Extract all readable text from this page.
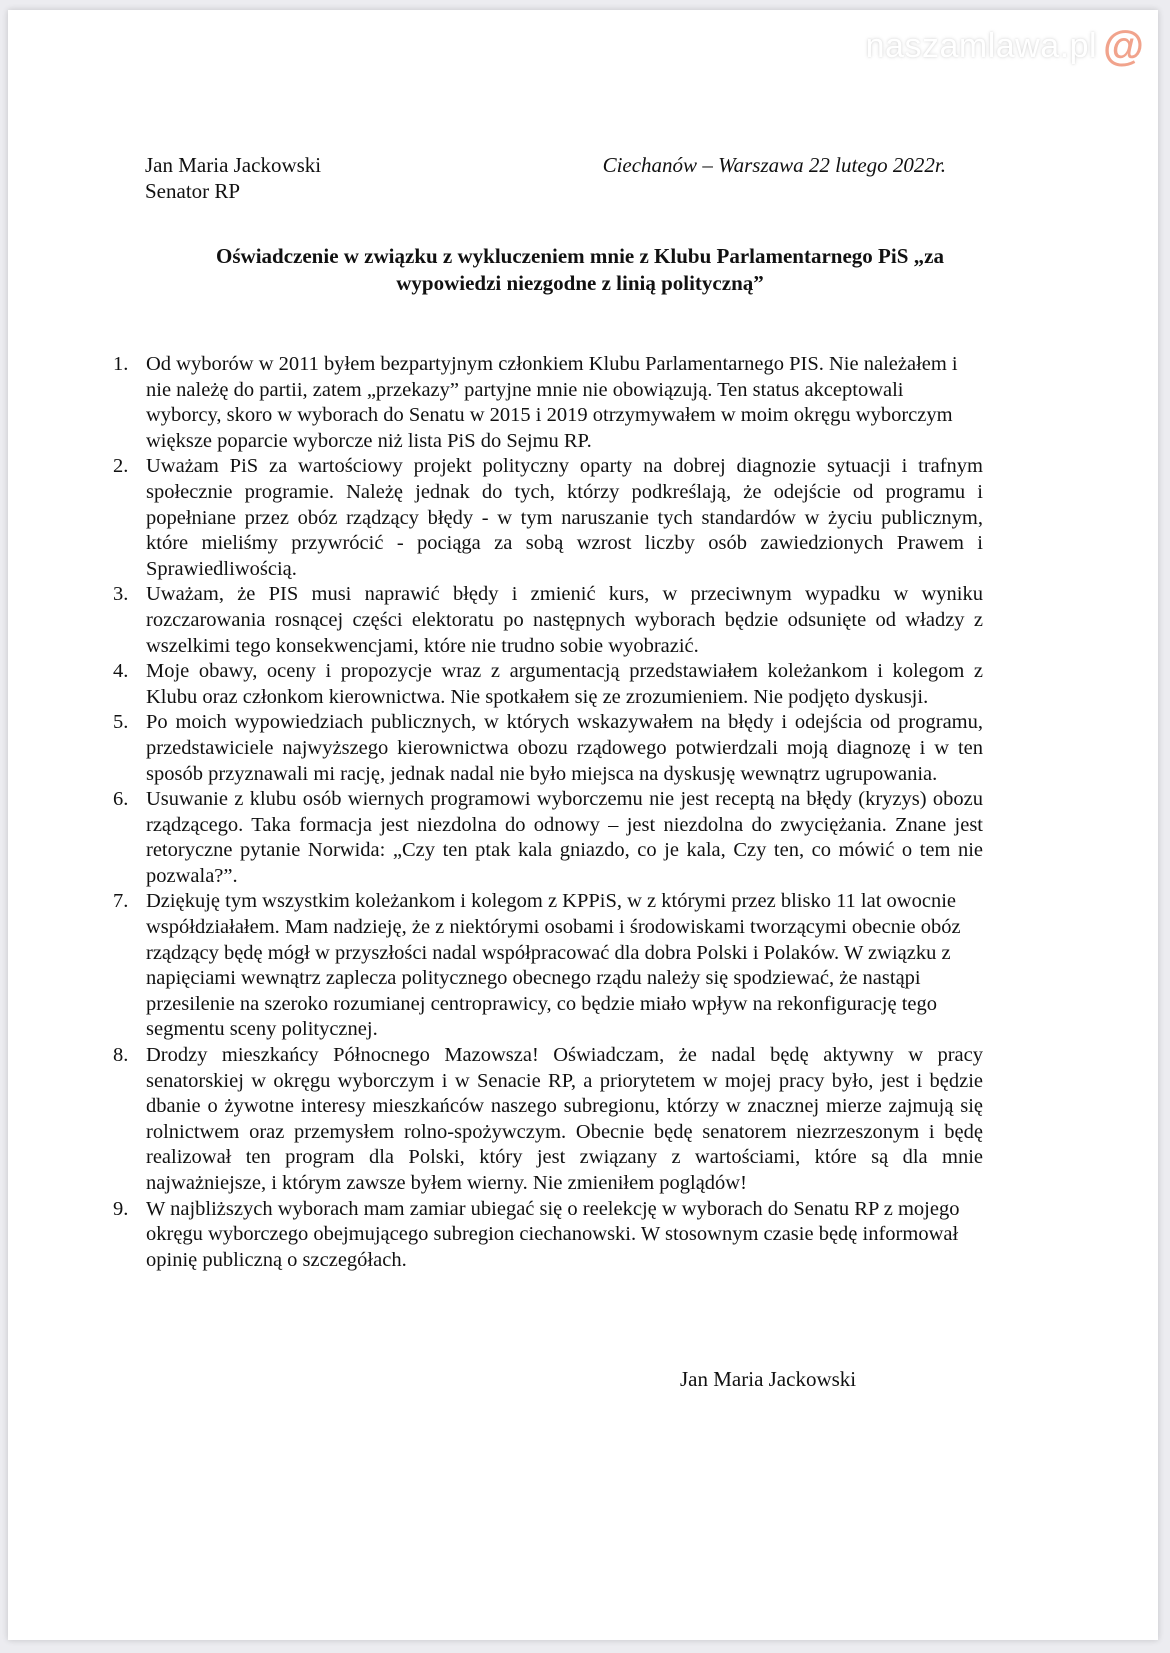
naszamlawa.pl @
Jan Maria Jackowski
Senator RP
Ciechanów – Warszawa 22 lutego 2022r.
Oświadczenie w związku z wykluczeniem mnie z Klubu Parlamentarnego PiS „za
wypowiedzi niezgodne z linią polityczną”
1. Od wyborów w 2011 byłem bezpartyjnym członkiem Klubu Parlamentarnego PIS. Nie należałem i nie należę do partii, zatem „przekazy” partyjne mnie nie obowiązują. Ten status akceptowali wyborcy, skoro w wyborach do Senatu w 2015 i 2019 otrzymywałem w moim okręgu wyborczym większe poparcie wyborcze niż lista PiS do Sejmu RP.
2. Uważam PiS za wartościowy projekt polityczny oparty na dobrej diagnozie sytuacji i trafnym społecznie programie. Należę jednak do tych, którzy podkreślają, że odejście od programu i popełniane przez obóz rządzący błędy - w tym naruszanie tych standardów w życiu publicznym, które mieliśmy przywrócić - pociąga za sobą wzrost liczby osób zawiedzionych Prawem i Sprawiedliwością.
3. Uważam, że PIS musi naprawić błędy i zmienić kurs, w przeciwnym wypadku w wyniku rozczarowania rosnącej części elektoratu po następnych wyborach będzie odsunięte od władzy z wszelkimi tego konsekwencjami, które nie trudno sobie wyobrazić.
4. Moje obawy, oceny i propozycje wraz z argumentacją przedstawiałem koleżankom i kolegom z Klubu oraz członkom kierownictwa. Nie spotkałem się ze zrozumieniem. Nie podjęto dyskusji.
5. Po moich wypowiedziach publicznych, w których wskazywałem na błędy i odejścia od programu, przedstawiciele najwyższego kierownictwa obozu rządowego potwierdzali moją diagnozę i w ten sposób przyznawali mi rację, jednak nadal nie było miejsca na dyskusję wewnątrz ugrupowania.
6. Usuwanie z klubu osób wiernych programowi wyborczemu nie jest receptą na błędy (kryzys) obozu rządzącego. Taka formacja jest niezdolna do odnowy – jest niezdolna do zwyciężania. Znane jest retoryczne pytanie Norwida: „Czy ten ptak kala gniazdo, co je kala, Czy ten, co mówić o tem nie pozwala?”.
7. Dziękuję tym wszystkim koleżankom i kolegom z KPPiS, w z którymi przez blisko 11 lat owocnie współdziałałem. Mam nadzieję, że z niektórymi osobami i środowiskami tworzącymi obecnie obóz rządzący będę mógł w przyszłości nadal współpracować dla dobra Polski i Polaków. W związku z napięciami wewnątrz zaplecza politycznego obecnego rządu należy się spodziewać, że nastąpi przesilenie na szeroko rozumianej centroprawicy, co będzie miało wpływ na rekonfigurację tego segmentu sceny politycznej.
8. Drodzy mieszkańcy Północnego Mazowsza! Oświadczam, że nadal będę aktywny w pracy senatorskiej w okręgu wyborczym i w Senacie RP, a priorytetem w mojej pracy było, jest i będzie dbanie o żywotne interesy mieszkańców naszego subregionu, którzy w znacznej mierze zajmują się rolnictwem oraz przemysłem rolno-spożywczym. Obecnie będę senatorem niezrzeszonym i będę realizował ten program dla Polski, który jest związany z wartościami, które są dla mnie najważniejsze, i którym zawsze byłem wierny. Nie zmieniłem poglądów!
9. W najbliższych wyborach mam zamiar ubiegać się o reelekcję w wyborach do Senatu RP z mojego okręgu wyborczego obejmującego subregion ciechanowski. W stosownym czasie będę informował opinię publiczną o szczegółach.
Jan Maria Jackowski
